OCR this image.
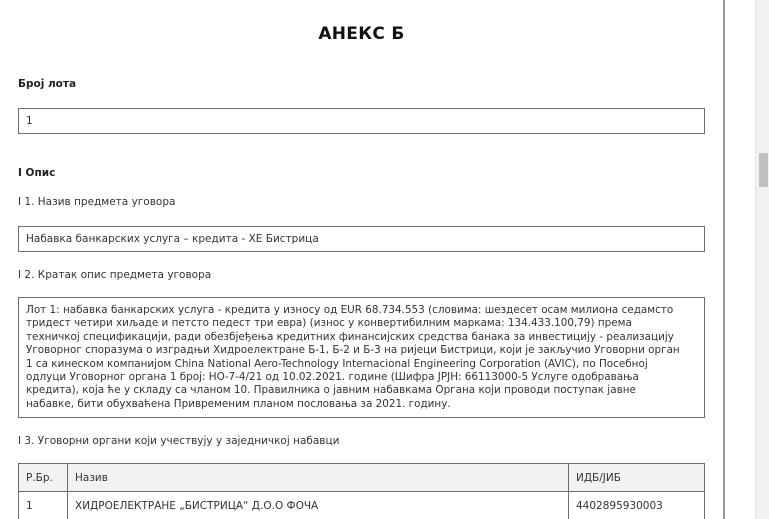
АНЕКС Б
Број лота
1
I Опис
I 1. Назив предмета уговора
Набавка банкарских услуга – кредита - ХЕ Бистрица
I 2. Кратак опис предмета уговора
Лот 1: набавка банкарских услуга - кредита у износу од EUR 68.734.553 (словима: шездесет осам милиона седамсто
тридест четири хиљаде и петсто педест три евра) (износ у конвертибилним маркама: 134.433.100,79) према
техничкој спецификацији, ради обезбјеђења кредитних финансијских средства банака за инвестицију - реализацију
Уговорног споразума о изградњи Хидроелектране Б-1, Б-2 и Б-3 на ријеци Бистрици, који је закључио Уговорни орган
1 са кинеском компанијом China National Aero-Technology Internacional Engineering Corporation (AVIC), по Посебној
одлуци Уговорног органа 1 број: НО-7-4/21 од 10.02.2021. године (Шифра ЈРЈН: 66113000-5 Услуге одобравања
кредита), која ће у складу са чланом 10. Правилника о јавним набавкама Органа који проводи поступак јавне
набавке, бити обухваћена Привременим планом пословања за 2021. годину.
I 3. Уговорни органи који учествују у заједничкој набавци
Р.Бр.	Назив	ИДБ/ЈИБ
1	ХИДРОЕЛЕКТРАНЕ „БИСТРИЦА“ Д.О.О ФОЧА	4402895930003
